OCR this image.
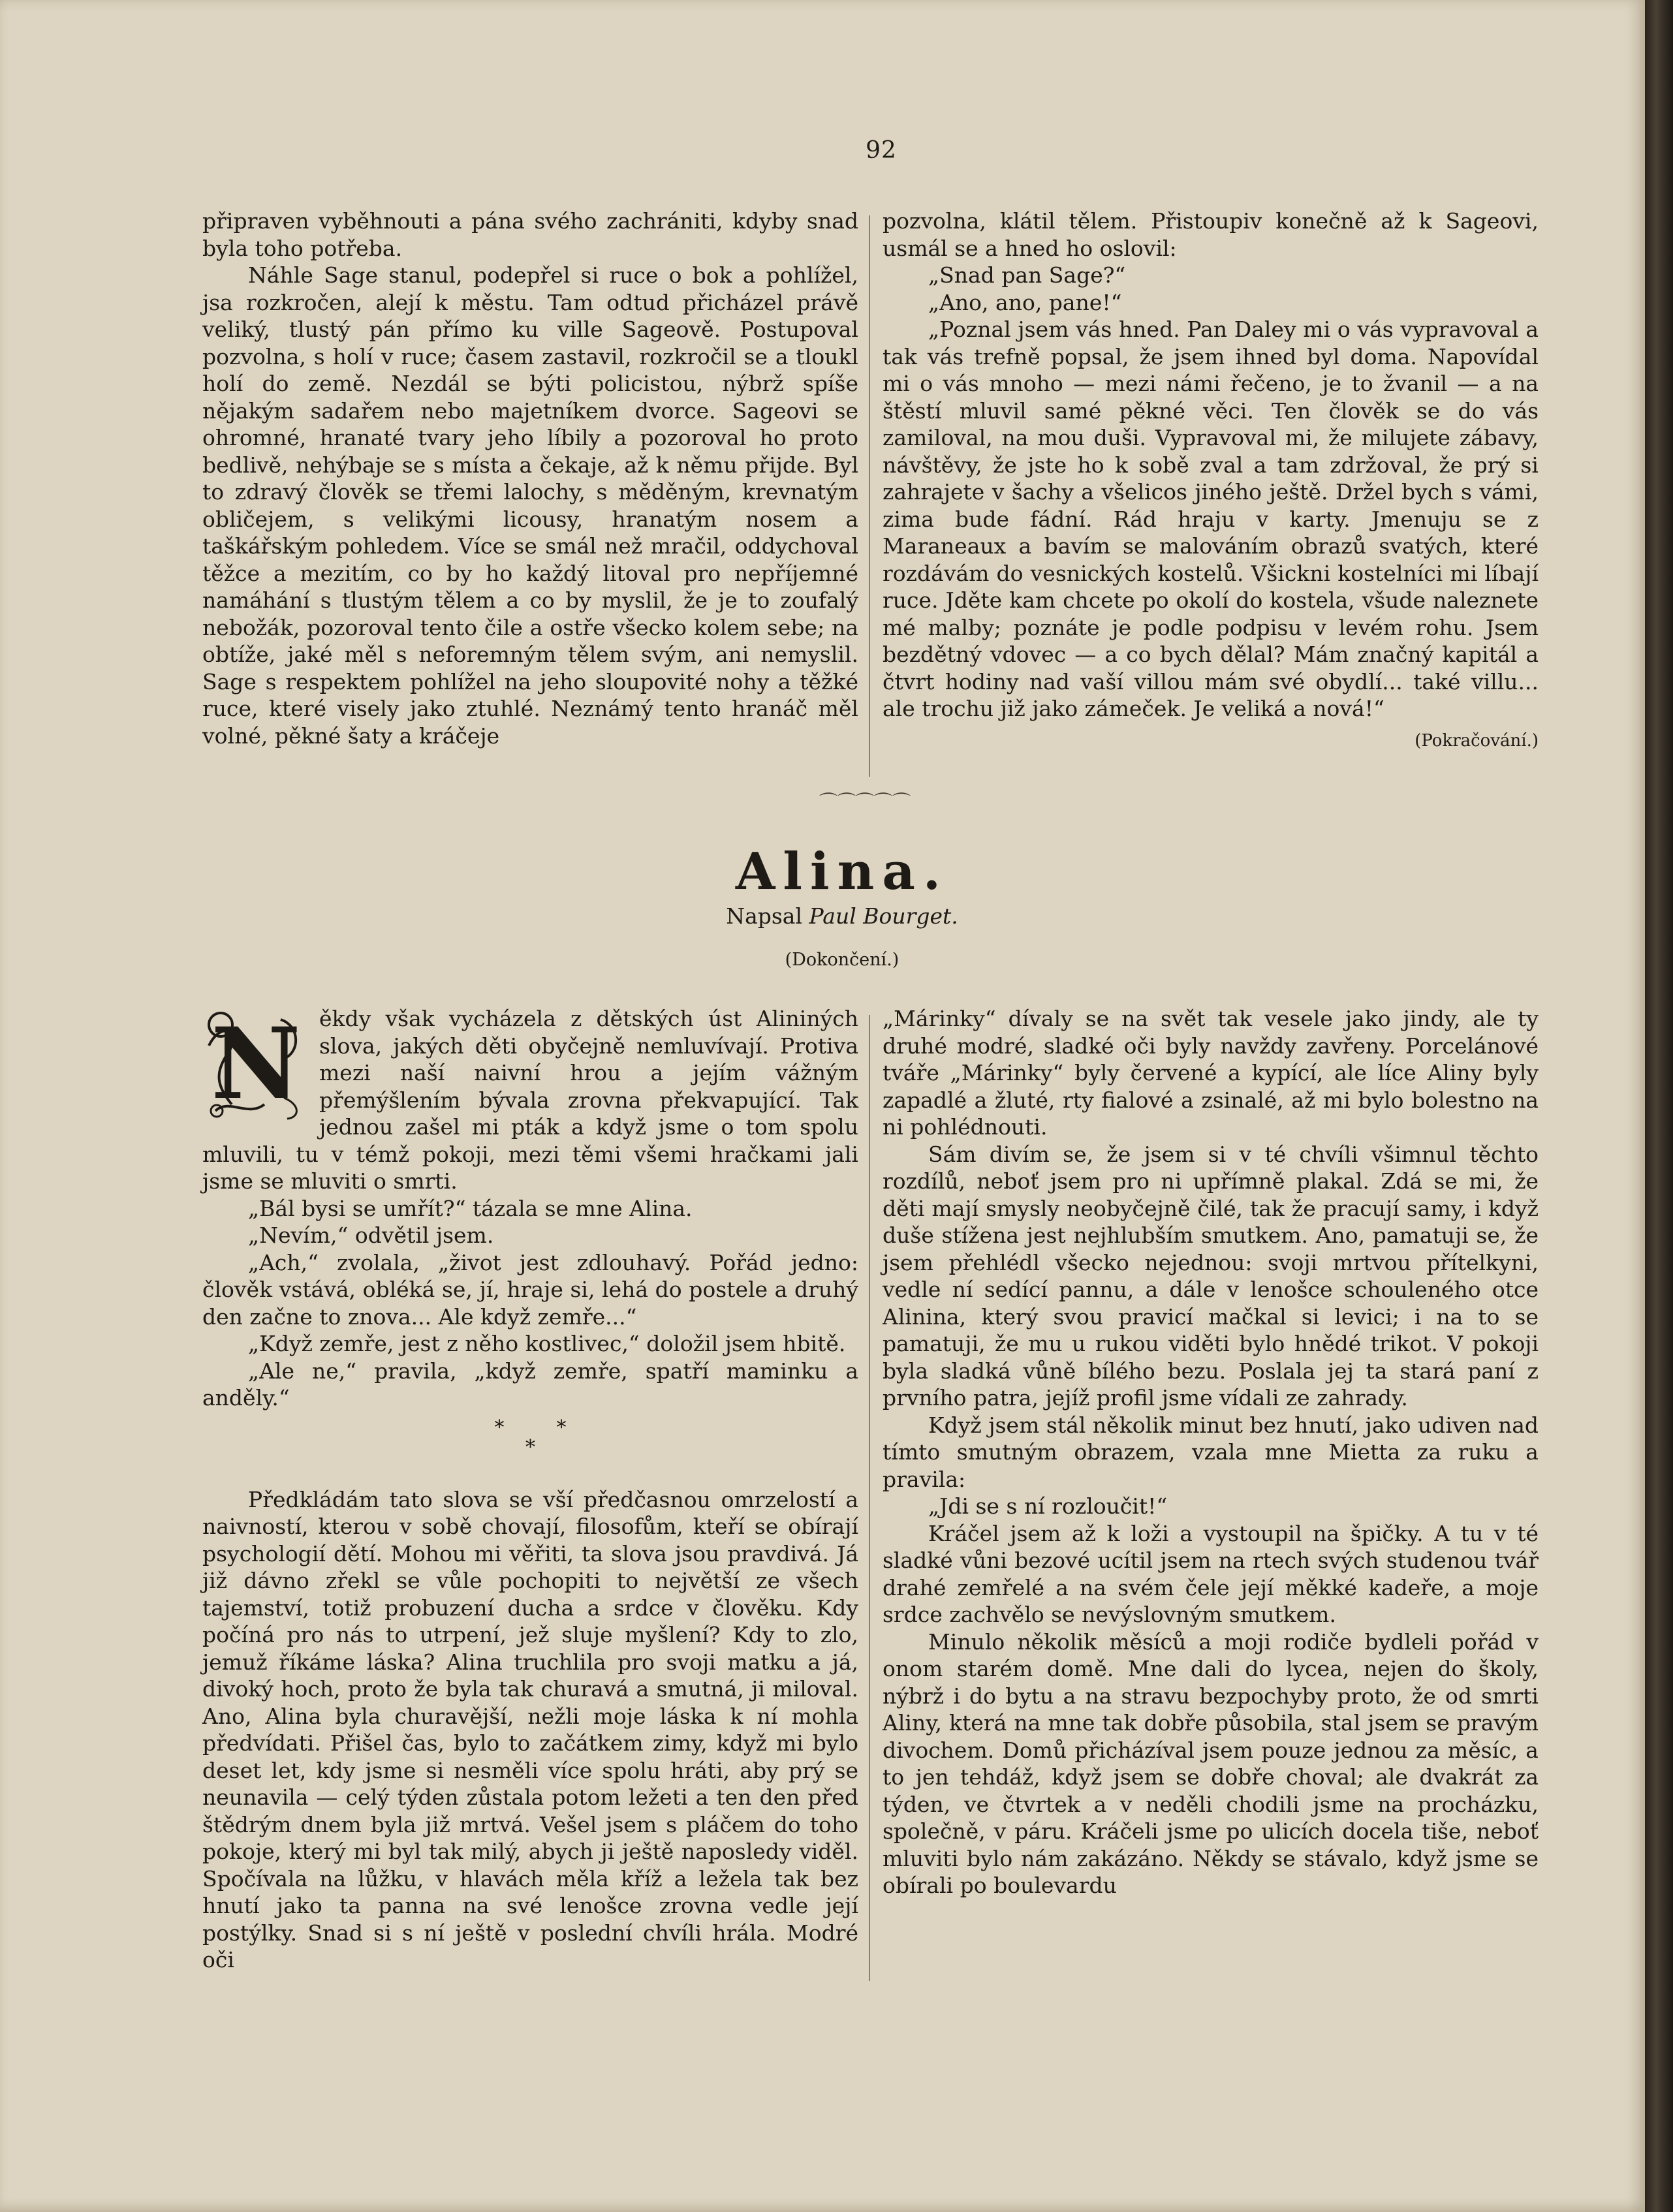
92

připraven vyběhnouti a pána svého zachrániti, kdyby snad byla toho potřeba.

Náhle Sage stanul, podepřel si ruce o bok a pohlížel, jsa rozkročen, alejí k městu. Tam odtud přicházel právě veliký, tlustý pán přímo ku ville Sageově. Postupoval pozvolna, s holí v ruce; časem zastavil, rozkročil se a tloukl holí do země. Nezdál se býti policistou, nýbrž spíše nějakým sadařem nebo majetníkem dvorce. Sageovi se ohromné, hranaté tvary jeho líbily a pozoroval ho proto bedlivě, nehýbaje se s místa a čekaje, až k němu přijde. Byl to zdravý člověk se třemi lalochy, s měděným, krevnatým obličejem, s velikými licousy, hranatým nosem a taškářským pohledem. Více se smál než mračil, oddychoval těžce a mezitím, co by ho každý litoval pro nepříjemné namáhání s tlustým tělem a co by myslil, že je to zoufalý nebožák, pozoroval tento čile a ostře všecko kolem sebe; na obtíže, jaké měl s neforemným tělem svým, ani nemyslil. Sage s respektem pohlížel na jeho sloupovité nohy a těžké ruce, které visely jako ztuhlé. Neznámý tento hranáč měl volné, pěkné šaty a kráčeje

pozvolna, klátil tělem. Přistoupiv konečně až k Sageovi, usmál se a hned ho oslovil:

„Snad pan Sage?“

„Ano, ano, pane!“

„Poznal jsem vás hned. Pan Daley mi o vás vypravoval a tak vás trefně popsal, že jsem ihned byl doma. Napovídal mi o vás mnoho — mezi námi řečeno, je to žvanil — a na štěstí mluvil samé pěkné věci. Ten člověk se do vás zamiloval, na mou duši. Vypravoval mi, že milujete zábavy, návštěvy, že jste ho k sobě zval a tam zdržoval, že prý si zahrajete v šachy a všelicos jiného ještě. Držel bych s vámi, zima bude fádní. Rád hraju v karty. Jmenuju se z Maraneaux a bavím se malováním obrazů svatých, které rozdávám do vesnických kostelů. Všickni kostelníci mi líbají ruce. Jděte kam chcete po okolí do kostela, všude naleznete mé malby; poznáte je podle podpisu v levém rohu. Jsem bezdětný vdovec — a co bych dělal? Mám značný kapitál a čtvrt hodiny nad vaší villou mám své obydlí... také villu... ale trochu již jako zámeček. Je veliká a nová!“

(Pokračování.)
⌒⌒⌒⌒⌒
Alina.
Napsal Paul Bourget.
(Dokončení.)

N ěkdy však vycházela z dětských úst Alininých slova, jakých děti obyčejně nemluvívají. Protiva mezi naší naivní hrou a jejím vážným přemýšlením bývala zrovna překvapující. Tak jednou zašel mi pták a když jsme o tom spolu mluvili, tu v témž pokoji, mezi těmi všemi hračkami jali jsme se mluviti o smrti.

„Bál bysi se umřít?“ tázala se mne Alina.

„Nevím,“ odvětil jsem.

„Ach,“ zvolala, „život jest zdlouhavý. Pořád jedno: člověk vstává, obléká se, jí, hraje si, lehá do postele a druhý den začne to znova... Ale když zemře...“

„Když zemře, jest z něho kostlivec,“ doložil jsem hbitě.

„Ale ne,“ pravila, „když zemře, spatří maminku a anděly.“

*	*
*

Předkládám tato slova se vší předčasnou omrzelostí a naivností, kterou v sobě chovají, filosofům, kteří se obírají psychologií dětí. Mohou mi věřiti, ta slova jsou pravdivá. Já již dávno zřekl se vůle pochopiti to největší ze všech tajemství, totiž probuzení ducha a srdce v člověku. Kdy počíná pro nás to utrpení, jež sluje myšlení? Kdy to zlo, jemuž říkáme láska? Alina truchlila pro svoji matku a já, divoký hoch, proto že byla tak churavá a smutná, ji miloval. Ano, Alina byla churavější, nežli moje láska k ní mohla předvídati. Přišel čas, bylo to začátkem zimy, když mi bylo deset let, kdy jsme si nesměli více spolu hráti, aby prý se neunavila — celý týden zůstala potom ležeti a ten den před štědrým dnem byla již mrtvá. Vešel jsem s pláčem do toho pokoje, který mi byl tak milý, abych ji ještě naposledy viděl. Spočívala na lůžku, v hlavách měla kříž a ležela tak bez hnutí jako ta panna na své lenošce zrovna vedle její postýlky. Snad si s ní ještě v poslední chvíli hrála. Modré oči

„Márinky“ dívaly se na svět tak vesele jako jindy, ale ty druhé modré, sladké oči byly navždy zavřeny. Porcelánové tváře „Márinky“ byly červené a kypící, ale líce Aliny byly zapadlé a žluté, rty fialové a zsinalé, až mi bylo bolestno na ni pohlédnouti.

Sám divím se, že jsem si v té chvíli všimnul těchto rozdílů, neboť jsem pro ni upřímně plakal. Zdá se mi, že děti mají smysly neobyčejně čilé, tak že pracují samy, i když duše stížena jest nejhlubším smutkem. Ano, pamatuji se, že jsem přehlédl všecko nejednou: svoji mrtvou přítelkyni, vedle ní sedící pannu, a dále v lenošce schouleného otce Alinina, který svou pravicí mačkal si levici; i na to se pamatuji, že mu u rukou viděti bylo hnědé trikot. V pokoji byla sladká vůně bílého bezu. Poslala jej ta stará paní z prvního patra, jejíž profil jsme vídali ze zahrady.

Když jsem stál několik minut bez hnutí, jako udiven nad tímto smutným obrazem, vzala mne Mietta za ruku a pravila:

„Jdi se s ní rozloučit!“

Kráčel jsem až k loži a vystoupil na špičky. A tu v té sladké vůni bezové ucítil jsem na rtech svých studenou tvář drahé zemřelé a na svém čele její měkké kadeře, a moje srdce zachvělo se nevýslovným smutkem.

Minulo několik měsíců a moji rodiče bydleli pořád v onom starém domě. Mne dali do lycea, nejen do školy, nýbrž i do bytu a na stravu bezpochyby proto, že od smrti Aliny, která na mne tak dobře působila, stal jsem se pravým divochem. Domů přicházíval jsem pouze jednou za měsíc, a to jen tehdáž, když jsem se dobře choval; ale dvakrát za týden, ve čtvrtek a v neděli chodili jsme na procházku, společně, v páru. Kráčeli jsme po ulicích docela tiše, neboť mluviti bylo nám zakázáno. Někdy se stávalo, když jsme se obírali po boulevardu
